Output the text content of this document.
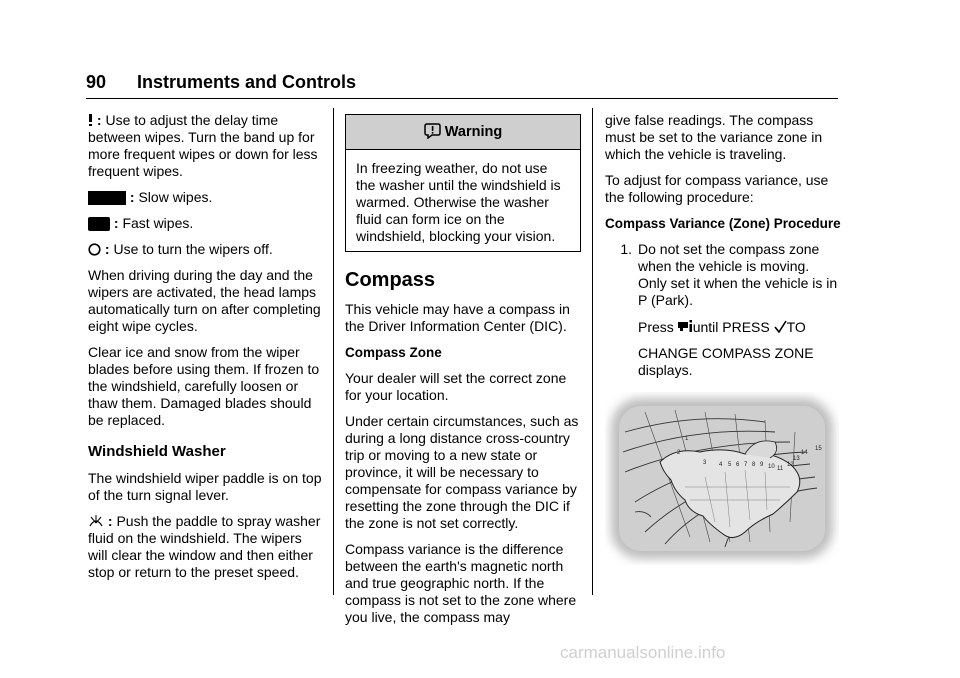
90 Instruments and Controls

: Use to adjust the delay time between wipes. Turn the band up for more frequent wipes or down for less frequent wipes.

: Slow wipes.

: Fast wipes.

: Use to turn the wipers off.

When driving during the day and the wipers are activated, the head lamps automatically turn on after completing eight wipe cycles.

Clear ice and snow from the wiper blades before using them. If frozen to the windshield, carefully loosen or thaw them. Damaged blades should be replaced.

Windshield Washer

The windshield wiper paddle is on top of the turn signal lever.

: Push the paddle to spray washer fluid on the windshield. The wipers will clear the window and then either stop or return to the preset speed.

Warning
In freezing weather, do not use the washer until the windshield is warmed. Otherwise the washer fluid can form ice on the windshield, blocking your vision.
Compass

This vehicle may have a compass in the Driver Information Center (DIC).

Compass Zone

Your dealer will set the correct zone for your location.

Under certain circumstances, such as during a long distance cross-country trip or moving to a new state or province, it will be necessary to compensate for compass variance by resetting the zone through the DIC if the zone is not set correctly.

Compass variance is the difference between the earth's magnetic north and true geographic north. If the compass is not set to the zone where you live, the compass may

give false readings. The compass must be set to the variance zone in which the vehicle is traveling.

To adjust for compass variance, use the following procedure:

Compass Variance (Zone) Procedure
1. Do not set the compass zone when the vehicle is moving. Only set it when the vehicle is in P (Park).
Press until PRESS TO
CHANGE COMPASS ZONE displays.
1
2
3 4 5 6 7 8 9 10 11
12
13
14
15
carmanualsonline.info
